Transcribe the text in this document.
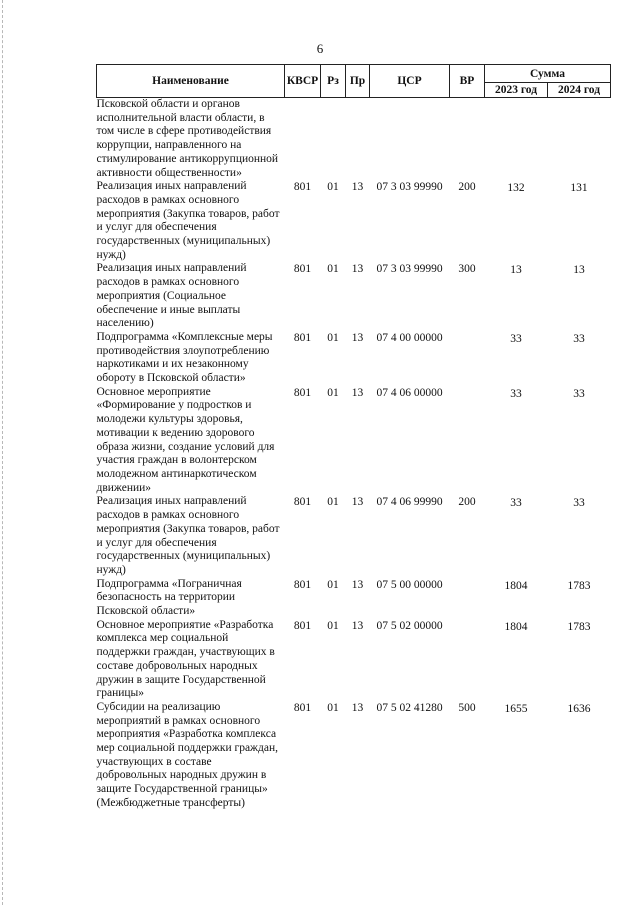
6
Наименование	КВСР	Рз	Пр	ЦСР	ВР	Сумма	
						2023 год	2024 год
Псковской области и органов исполнительной власти области, в том числе в сфере противодействия коррупции, направленного на стимулирование антикоррупционной активности общественности»							
Реализация иных направлений расходов в рамках основного мероприятия (Закупка товаров, работ и услуг для обеспечения государственных (муниципальных) нужд)	801	01	13	07 3 03 99990	200	132	131
Реализация иных направлений расходов в рамках основного мероприятия (Социальное обеспечение и иные выплаты населению)	801	01	13	07 3 03 99990	300	13	13
Подпрограмма «Комплексные меры противодействия злоупотреблению наркотиками и их незаконному обороту в Псковской области»	801	01	13	07 4 00 00000		33	33
Основное мероприятие «Формирование у подростков и молодежи культуры здоровья, мотивации к ведению здорового образа жизни, создание условий для участия граждан в волонтерском молодежном антинаркотическом движении»	801	01	13	07 4 06 00000		33	33
Реализация иных направлений расходов в рамках основного мероприятия (Закупка товаров, работ и услуг для обеспечения государственных (муниципальных) нужд)	801	01	13	07 4 06 99990	200	33	33
Подпрограмма «Пограничная безопасность на территории Псковской области»	801	01	13	07 5 00 00000		1804	1783
Основное мероприятие «Разработка комплекса мер социальной поддержки граждан, участвующих в составе добровольных народных дружин в защите Государственной границы»	801	01	13	07 5 02 00000		1804	1783
Субсидии на реализацию мероприятий в рамках основного мероприятия «Разработка комплекса мер социальной поддержки граждан, участвующих в составе добровольных народных дружин в защите Государственной границы» (Межбюджетные трансферты)	801	01	13	07 5 02 41280	500	1655	1636
